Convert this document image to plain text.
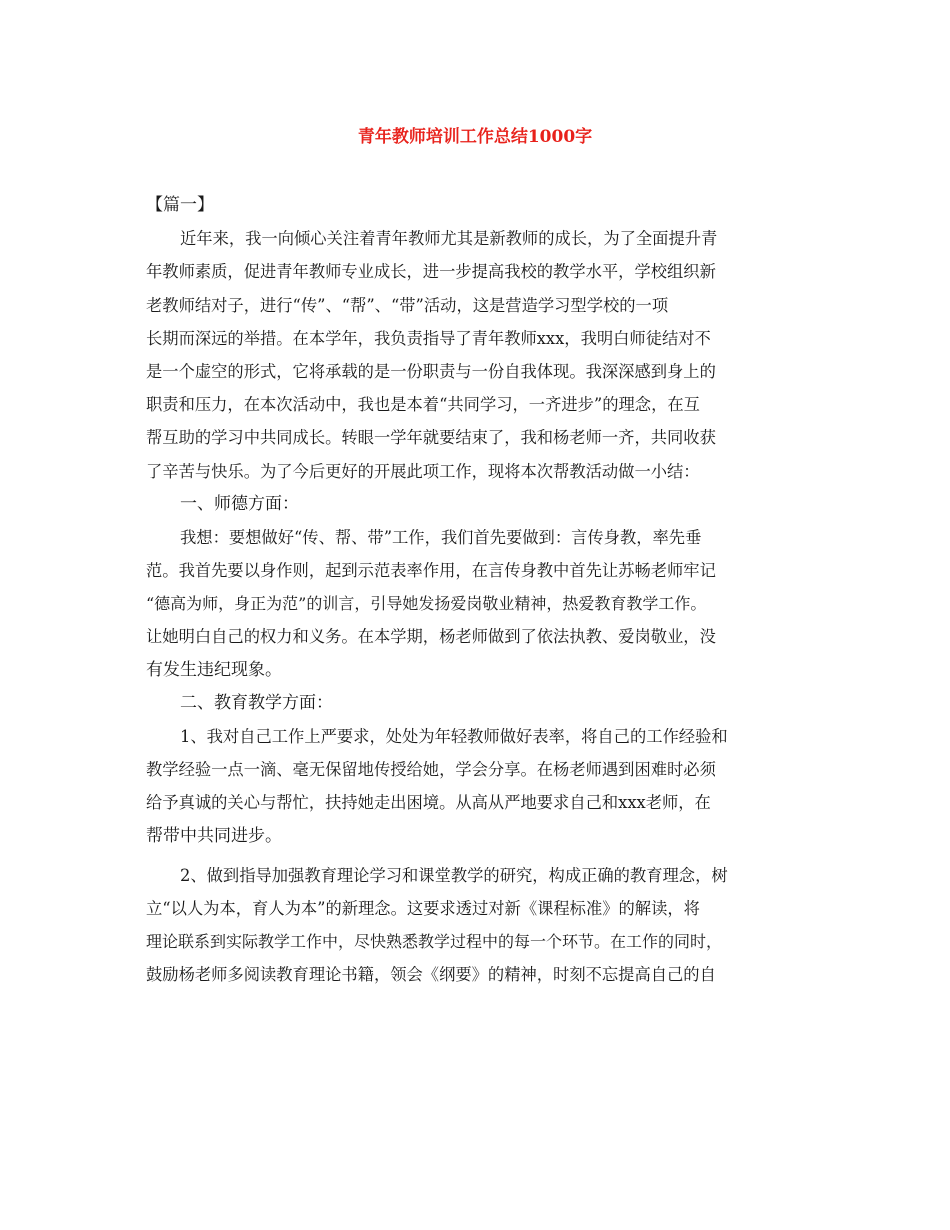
青年教师培训工作总结1000字
【篇一】
近年来，我一向倾心关注着青年教师尤其是新教师的成长，为了全面提升青
年教师素质，促进青年教师专业成长，进一步提高我校的教学水平，学校组织新
老教师结对子，进行“传”、“帮”、“带”活动，这是营造学习型学校的一项
长期而深远的举措。在本学年，我负责指导了青年教师xxx，我明白师徒结对不
是一个虚空的形式，它将承载的是一份职责与一份自我体现。我深深感到身上的
职责和压力，在本次活动中，我也是本着“共同学习，一齐进步”的理念，在互
帮互助的学习中共同成长。转眼一学年就要结束了，我和杨老师一齐，共同收获
了辛苦与快乐。为了今后更好的开展此项工作，现将本次帮教活动做一小结：
一、师德方面：
我想：要想做好“传、帮、带”工作，我们首先要做到：言传身教，率先垂
范。我首先要以身作则，起到示范表率作用，在言传身教中首先让苏畅老师牢记
“德高为师，身正为范”的训言，引导她发扬爱岗敬业精神，热爱教育教学工作。
让她明白自己的权力和义务。在本学期，杨老师做到了依法执教、爱岗敬业，没
有发生违纪现象。
二、教育教学方面：
1、我对自己工作上严要求，处处为年轻教师做好表率，将自己的工作经验和
教学经验一点一滴、毫无保留地传授给她，学会分享。在杨老师遇到困难时必须
给予真诚的关心与帮忙，扶持她走出困境。从高从严地要求自己和xxx老师，在
帮带中共同进步。
2、做到指导加强教育理论学习和课堂教学的研究，构成正确的教育理念，树
立“以人为本，育人为本”的新理念。这要求透过对新《课程标准》的解读，将
理论联系到实际教学工作中，尽快熟悉教学过程中的每一个环节。在工作的同时，
鼓励杨老师多阅读教育理论书籍，领会《纲要》的精神，时刻不忘提高自己的自
